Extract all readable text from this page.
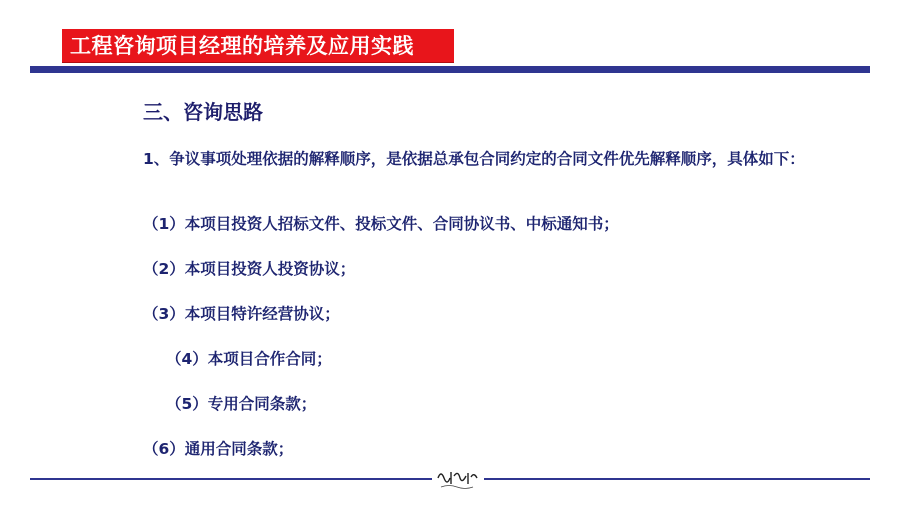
工程咨询项目经理的培养及应用实践
三、咨询思路
1、争议事项处理依据的解释顺序，是依据总承包合同约定的合同文件优先解释顺序，具体如下：
（1）本项目投资人招标文件、投标文件、合同协议书、中标通知书；
（2）本项目投资人投资协议；
（3）本项目特许经营协议；
（4）本项目合作合同；
（5）专用合同条款；
（6）通用合同条款；
